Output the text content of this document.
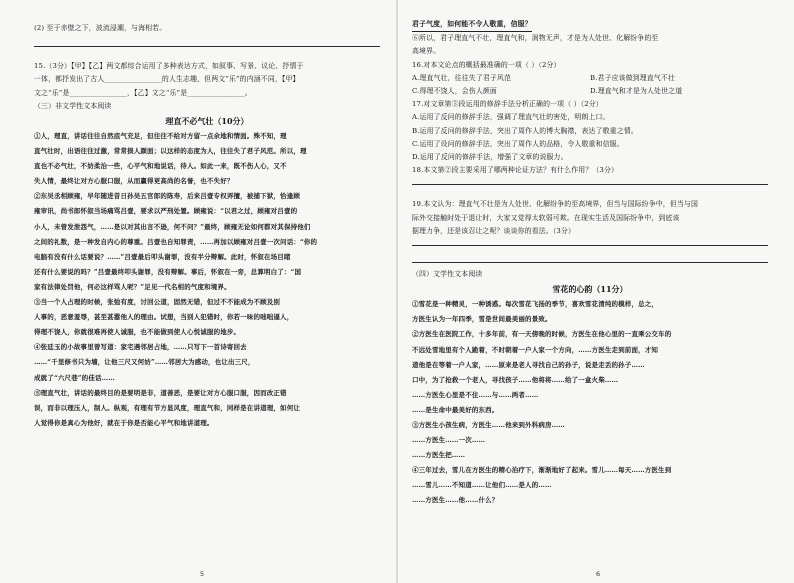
(2) 至于赤壁之下，波流浸潮，与海相若。
15.（3分）【甲】【乙】两文都综合运用了多种表达方式，如叙事、写景、议论、抒情于
一体，都抒发出了古人________________的人生志趣，但两文“乐”的内涵不同，【甲】
文之“乐”是________________，【乙】文之“乐”是________________。
（三）非文学性文本阅读
理直不必气壮（10分）
①人，理直，讲话往往自然底气充足，但往往不给对方留一点余地和情面。殊不知，理
直气壮时，出语往往过激，常常损人颜面；以这样的态度为人，往往失了君子风范。所以，理
直也不必气壮，不妨柔治一些，心平气和地说话，待人。如此一来，既不伤人心，又不
失人情，最终让对方心服口服，从而赢得更高尚的名誉，也不失好？
②东吴丞相顾雍，早年随进昔日孙吴五官郎的陈寿，后来吕壹专权弄擅，被捕下狱，恰逢顾
雍审讯，尚书郎怀叙当场痛骂吕壹，要求以严刑处置。顾雍说：“以君之过，顾雍对吕壹的
小人，未曾发泄怨气，……是以对其出言不逊，何不问？”最终，顾雍无论如何都对其保持他们
之间的礼数，是一种发自内心的尊重。吕壹也自知罪责，……再加以顾雍对吕壹一次问话：“你的
电脑有没有什么话要说？……”吕壹最后叩头谢罪，没有半分辩解。此时，怀叙在场目睹
还有什么要说的吗？”吕壹最终叩头谢罪，没有辩解。事后，怀叙在一旁，总算明白了：“国
家有法律处罚他，何必这样骂人呢？”足见一代名相的气度和境界。
③当一个人占理的时候，张弛有度，讨回公道，固然无错，但过不不能成为不顾及别
人事的，恶意羞辱，甚至甚嚣他人的理由。试想，当别人犯错时，你若一味的咄咄逼人，
得理不饶人，你就很难再使人诚服，也不能做到使人心悦诚服的地步。
④张廷玉的小故事里曾写道：家宅遇邻居占地，……只写下一首诗寄回去
……“千里修书只为墙，让他三尺又何妨”……邻居大为感动，也让出三尺，
成就了“六尺巷”的佳话……
⑤理直气壮，讲话的最终目的是要明是非，道善恶，是要让对方心服口服，因而改正错
误，而非以理压人，制人。纵观，有理有节方显风度，理直气和，同样是在讲道理，如何让
人觉得你是真心为他好，就在于你是否能心平气和地讲道理。
5
君子气度，如何能不令人敬重，信服？
⑥所以，君子理直气不壮，理直气和，润物无声，才是为人处世、化解纷争的至
高境界。
16.对本文论点的概括最准确的一项（ ）（2分）
A.理直气壮，往往失了君子风范	B.君子应该做到理直气不壮
C.得理不饶人，会伤人颜面	D.理直气和才是为人处世之道
17.对文章第⑤段运用的修辞手法分析正确的一项（ ）（2分）
A.运用了反问的修辞手法，强调了理直气壮的害处，明朗上口。
B.运用了反问的修辞手法，突出了周作人的博大胸襟，表达了敬重之情。
C.运用了设问的修辞手法，突出了周作人的品格，令人敬重和信服。
D.运用了反问的修辞手法，增强了文章的说服力。
18.本文第②段主要采用了哪两种论证方法？有什么作用？（3分）
19.本文认为：理直气不壮是为人处世、化解纷争的至高境界，但当与国际纷争中，但当与国
际外交接触时处于退让时，大家又觉得太软弱可欺。在现实生活及国际纷争中，到底该
据理力争，还是该忍让之呢？谈谈你的看法。（3分）
（四）文学性文本阅读
雪花的心韵（11分）
①雪花是一种精灵，一种诱惑。每次雪花飞扬的季节，喜欢雪花清纯的模样，总之，
方医生认为一年四季，雪是世间最美丽的景致。
②方医生在医院工作，十多年前，有一天傍晚的时候，方医生在他心里的一直乘公交车的
不远处雪地里有个人跪着，不时朝着一户人家一个方向，……方医生走到前面，才知
道他是在等着一户人家，……原来是老人寻找自己的孙子，说是走丢的孙子……
口中，为了抢救一个老人，寻找孩子……他将将……给了一盒火柴……
……方医生心里是不住……与……两者……
……是生命中最美好的东西。
③方医生小孩生病，方医生……他来到外科病房……
……方医生……一次……
……方医生把……
④三年过去，雪儿在方医生的精心治疗下，渐渐地好了起来。雪儿……每天……方医生到
……雪儿……不知道……让他们……是人的……
……方医生……他……什么？
6
